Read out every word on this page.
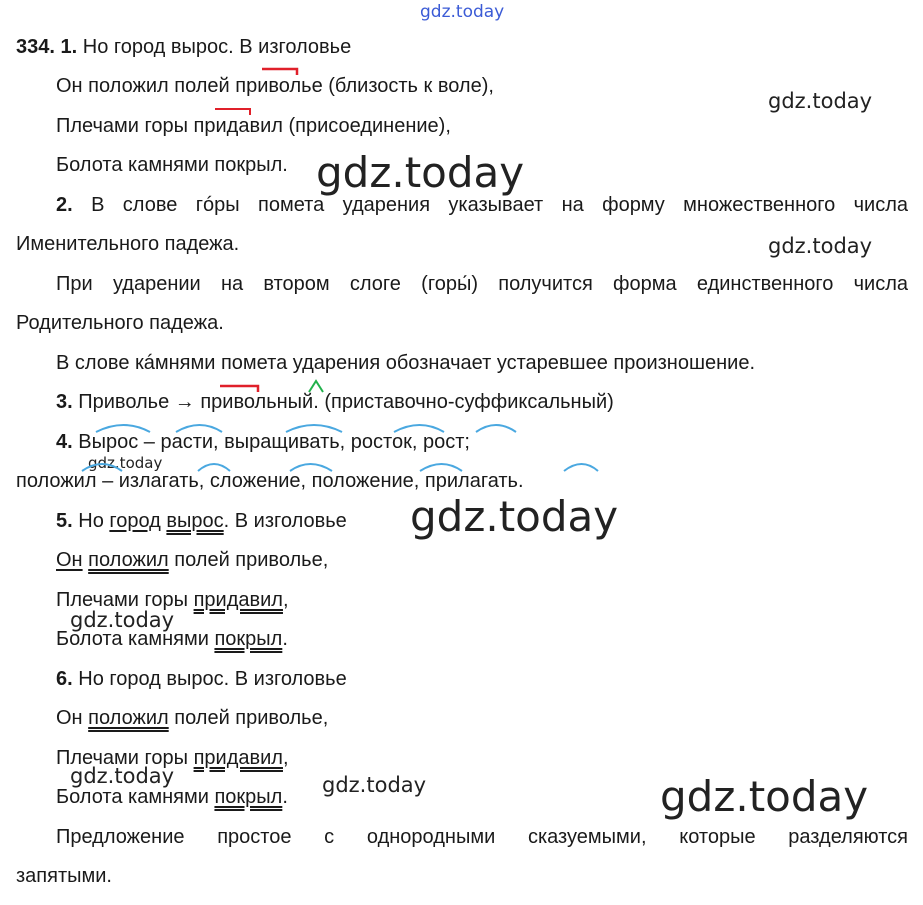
gdz.today
gdz.today
gdz.today
gdz.today
gdz.today
gdz.today
gdz.today
gdz.today	gdz.today	gdz.today
334. 1. Но город вырос. В изголовье
Он положил полей приволье (близость к воле),
Плечами горы придавил (присоединение),
Болота камнями покрыл.
2. В слове гóры помета ударения указывает на форму множественного числа
Именительного падежа.
При ударении на втором слоге (горы́) получится форма единственного числа
Родительного падежа.
В слове кáмнями помета ударения обозначает устаревшее произношение.
3. Приволье → привольный. (приставочно-суффиксальный)
4. Вырос – расти, выращивать, росток, рост;
положил – излагать, сложение, положение, прилагать.
5. Но город вырос. В изголовье
Он положил полей приволье,
Плечами горы придавил,
Болота камнями покрыл.
6. Но город вырос. В изголовье
Он положил полей приволье,
Плечами горы придавил,
Болота камнями покрыл.
Предложение простое с однородными сказуемыми, которые разделяются
запятыми.
